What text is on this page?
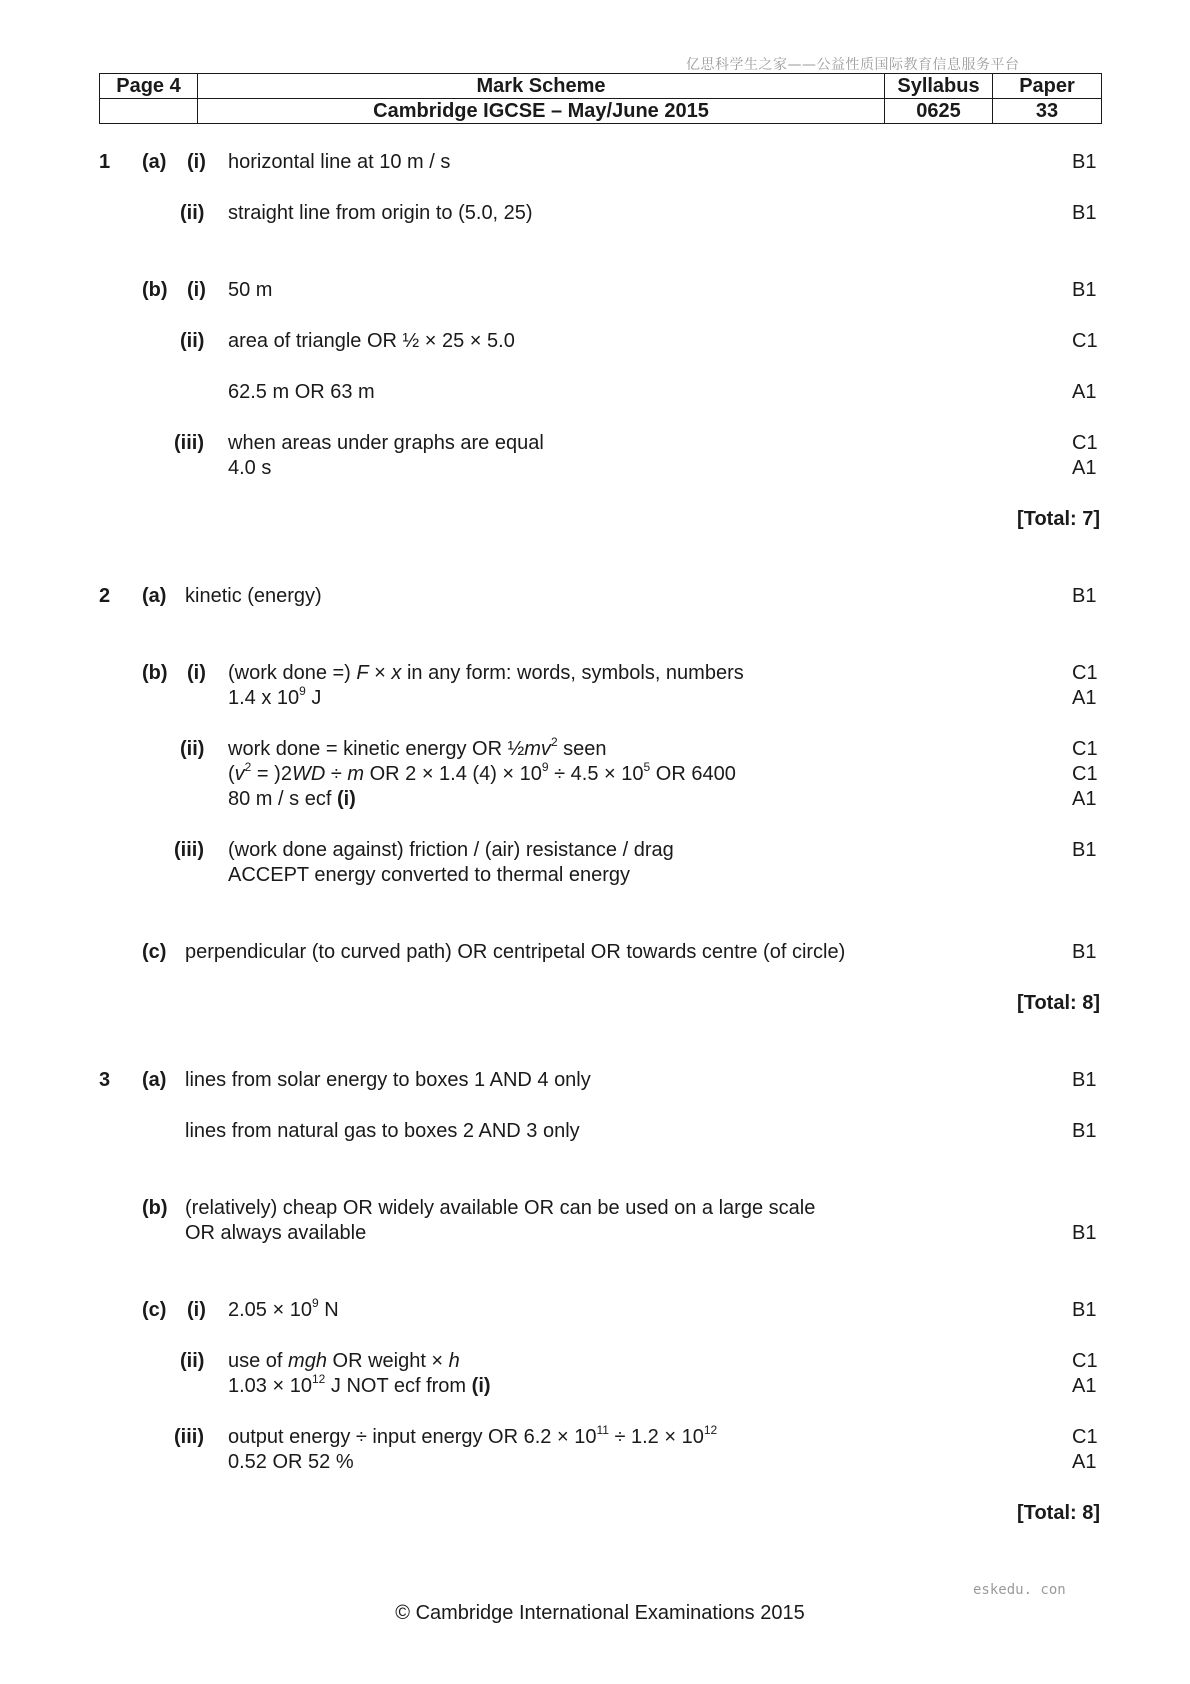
亿思科学生之家——公益性质国际教育信息服务平台
Page 4	Mark Scheme	Syllabus	Paper
	Cambridge IGCSE – May/June 2015	0625	33
1 (a) (i) horizontal line at 10 m / s	B1
(ii) straight line from origin to (5.0, 25)	B1
(b) (i) 50 m	B1
(ii) area of triangle OR ½ × 25 × 5.0	C1
62.5 m OR 63 m	A1
(iii) when areas under graphs are equal	C1
4.0 s	A1
[Total: 7]
2 (a) kinetic (energy)	B1
(b) (i) (work done =) F × x in any form: words, symbols, numbers	C1
1.4 x $10^9$ J	A1
(ii) work done = kinetic energy OR $\frac{1}{2}mv^2$ seen	C1
$(v^2 = )2WD \div m$ OR 2 × 1.4 $(4) \times 10^9 \div 4.5 \times 10^5$ OR 6400	C1
80 m / s ecf (i)	A1
(iii) (work done against) friction / (air) resistance / drag	B1
ACCEPT energy converted to thermal energy
(c) perpendicular (to curved path) OR centripetal OR towards centre (of circle)	B1
[Total: 8]
3 (a) lines from solar energy to boxes 1 AND 4 only	B1
lines from natural gas to boxes 2 AND 3 only	B1
(b) (relatively) cheap OR widely available OR can be used on a large scale
OR always available	B1
(c) (i) $2.05 \times 10^9$ N	B1
(ii) use of mgh OR weight × h	C1
$1.03 \times 10^{12}$ J NOT ecf from (i)	A1
(iii) output energy ÷ input energy OR $6.2 \times 10^{11} \div 1.2 \times 10^{12}$	C1
0.52 OR 52 %	A1
[Total: 8]
eskedu. con
© Cambridge International Examinations 2015
